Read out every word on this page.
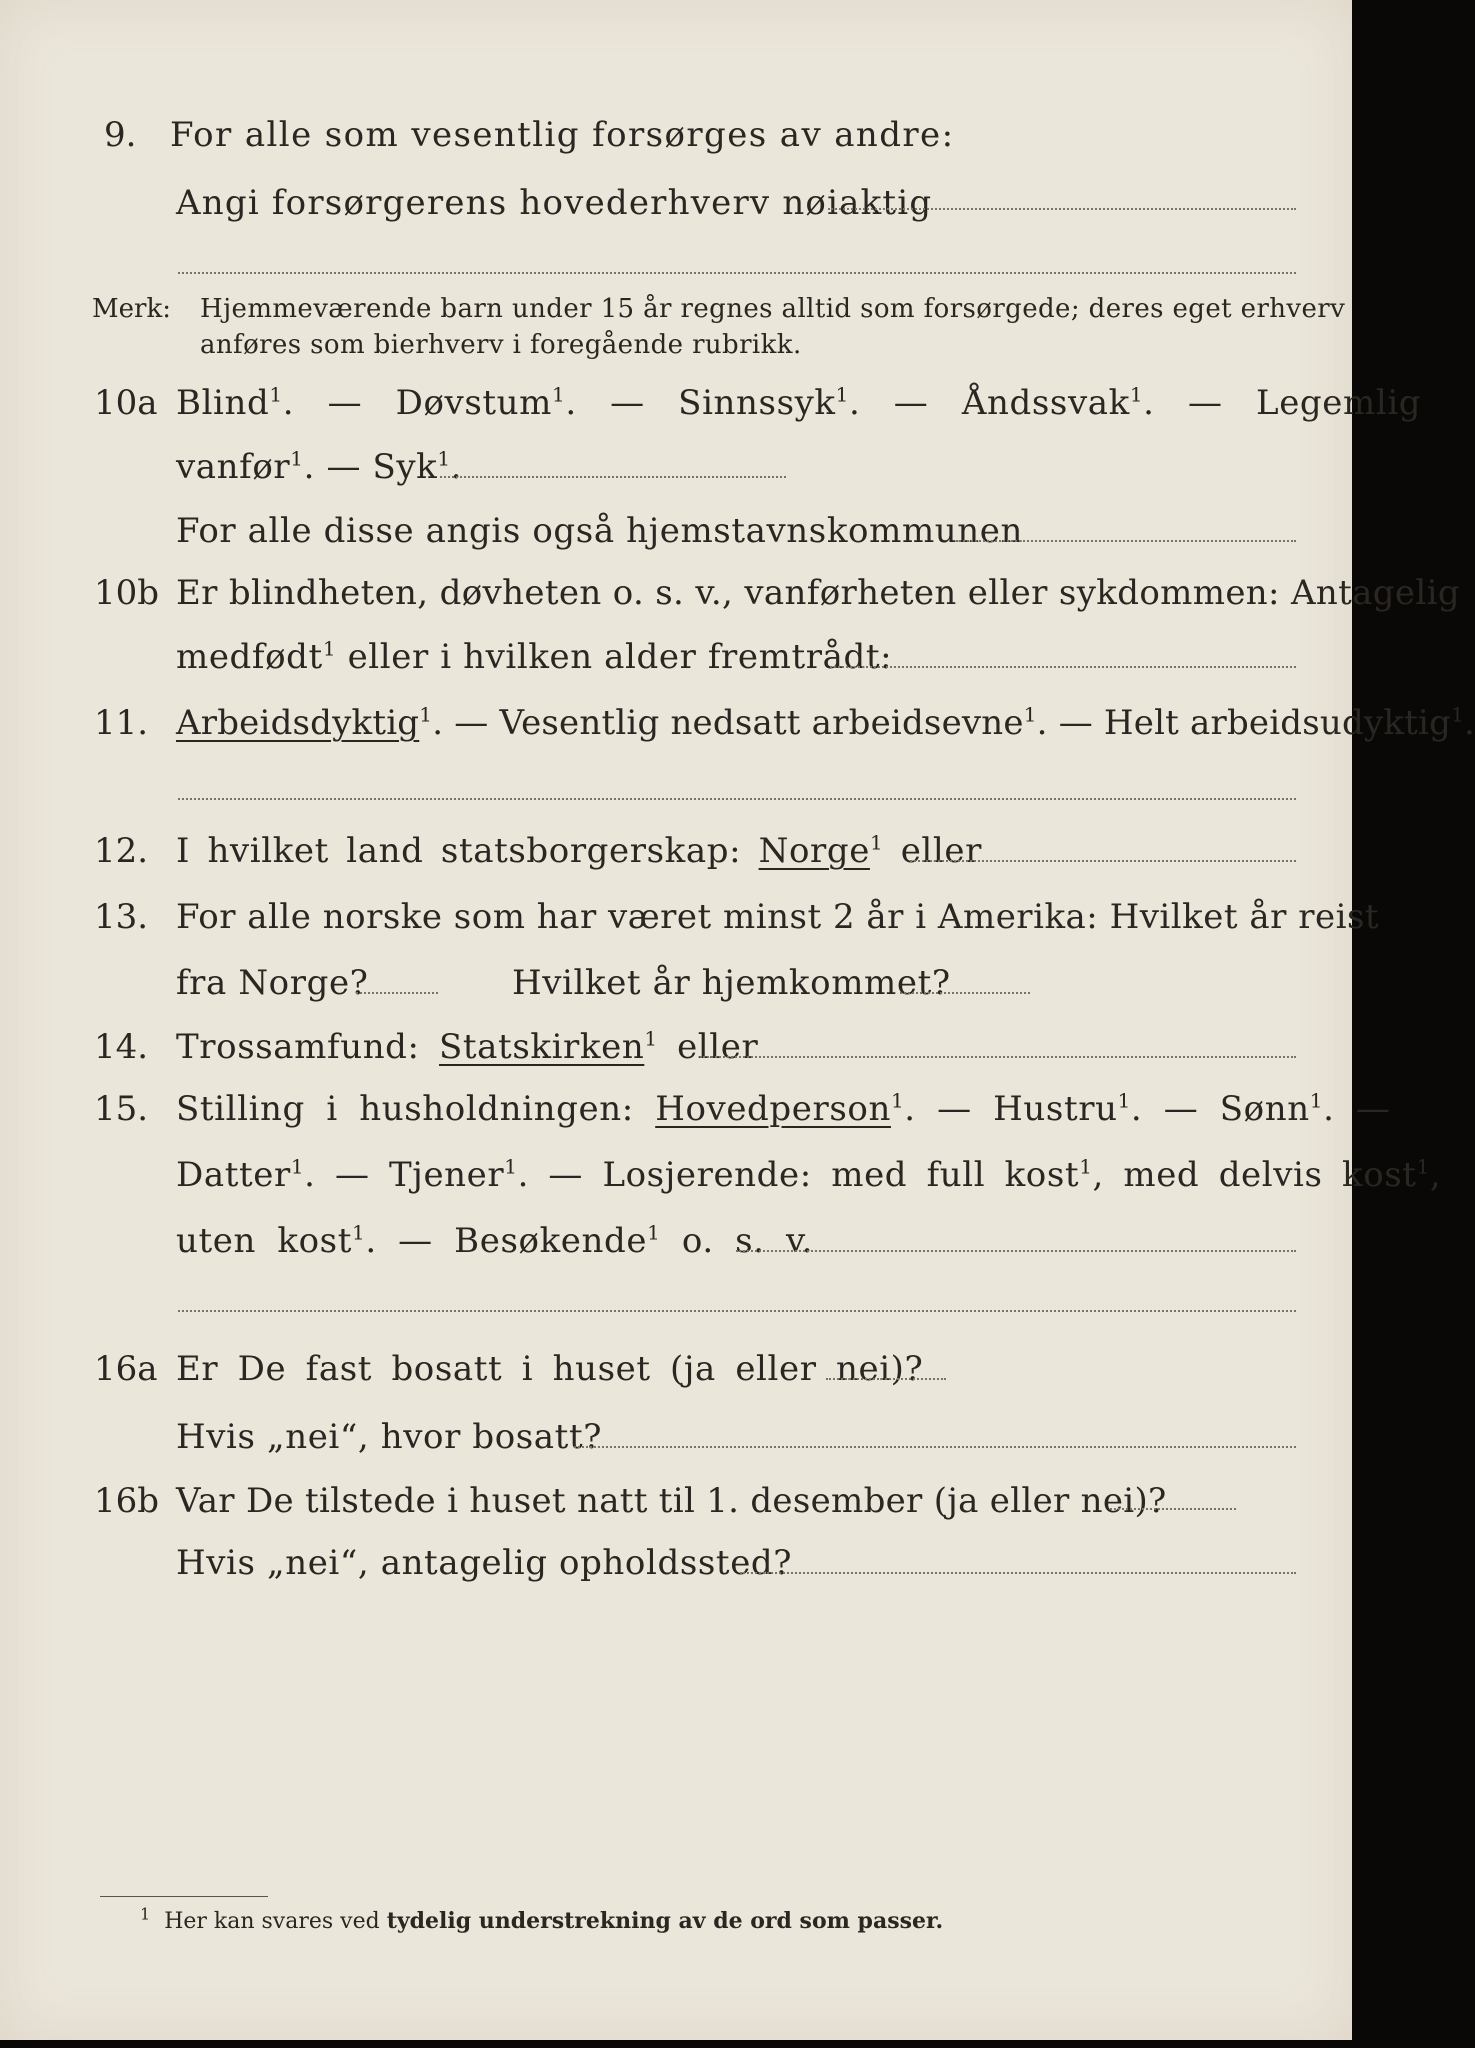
9. For alle som vesentlig forsørges av andre:
Angi forsørgerens hovederhverv nøiaktig
Merk: Hjemmeværende barn under 15 år regnes alltid som forsørgede; deres eget erhverv
anføres som bierhverv i foregående rubrikk.
10a Blind$^1$. — Døvstum$^1$. — Sinnssyk$^1$. — Åndssvak$^1$. — Legemlig
vanfør$^1$. — Syk$^1$.
For alle disse angis også hjemstavnskommunen
10b Er blindheten, døvheten o. s. v., vanførheten eller sykdommen: Antagelig
medfødt$^1$ eller i hvilken alder fremtrådt:
11. Arbeidsdyktig$^1$. — Vesentlig nedsatt arbeidsevne$^1$. — Helt arbeidsudyktig$^1$.
12. I hvilket land statsborgerskap: Norge$^1$ eller
13. For alle norske som har været minst 2 år i Amerika: Hvilket år reist
fra Norge?	Hvilket år hjemkommet?
14. Trossamfund: Statskirken$^1$ eller
15. Stilling i husholdningen: Hovedperson$^1$. — Hustru$^1$. — Sønn$^1$. —
Datter$^1$. — Tjener$^1$. — Losjerende: med full kost$^1$, med delvis kost$^1$,
uten kost$^1$. — Besøkende$^1$ o. s. v.
16a Er De fast bosatt i huset (ja eller nei)?
Hvis „nei“, hvor bosatt?
16b Var De tilstede i huset natt til 1. desember (ja eller nei)?
Hvis „nei“, antagelig opholdssted?
$^1$ Her kan svares ved tydelig understrekning av de ord som passer.
